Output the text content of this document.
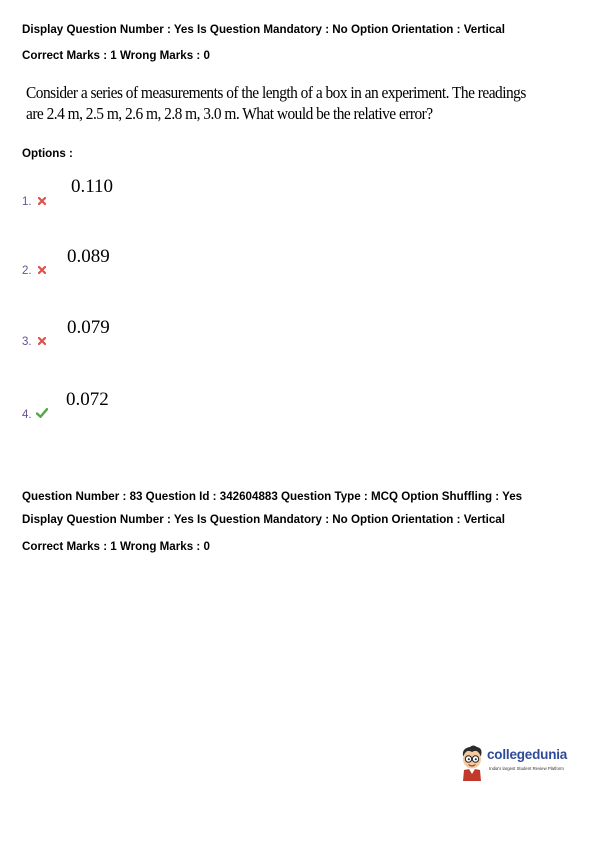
Display Question Number : Yes Is Question Mandatory : No Option Orientation : Vertical

Correct Marks : 1 Wrong Marks : 0

Consider a series of measurements of the length of a box in an experiment. The readings
are 2.4 m, 2.5 m, 2.6 m, 2.8 m, 3.0 m. What would be the relative error?
Options :
0.110
1.
0.089
2.
0.079
3.
0.072
4.

Question Number : 83 Question Id : 342604883 Question Type : MCQ Option Shuffling : Yes

Display Question Number : Yes Is Question Mandatory : No Option Orientation : Vertical

Correct Marks : 1 Wrong Marks : 0

collegedunia
India's largest Student Review Platform
